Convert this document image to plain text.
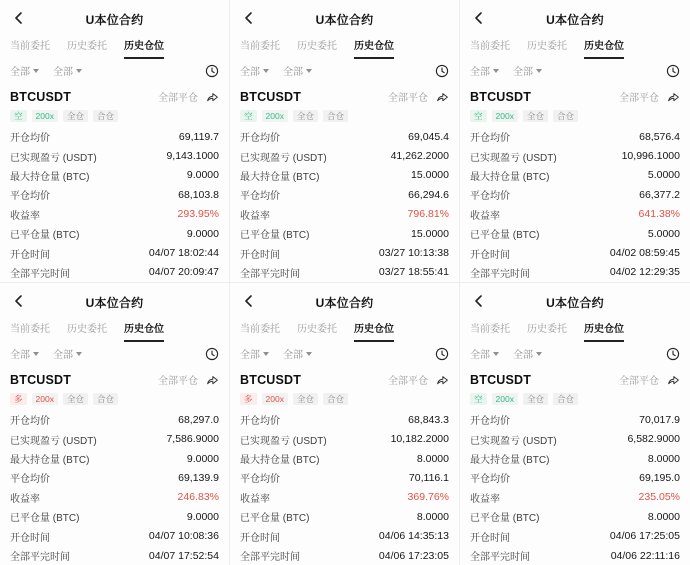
U本位合约
当前委托 历史委托 历史仓位
全部 全部
BTCUSDT	全部平仓
空	200x	全仓	合仓
开仓均价	69,119.7
已实现盈亏 (USDT)	9,143.1000
最大持仓量 (BTC)	9.0000
平仓均价	68,103.8
收益率	293.95%
已平仓量 (BTC)	9.0000
开仓时间	04/07 18:02:44
全部平完时间	04/07 20:09:47
U本位合约
当前委托 历史委托 历史仓位
全部 全部
BTCUSDT	全部平仓
空	200x	全仓	合仓
开仓均价	69,045.4
已实现盈亏 (USDT)	41,262.2000
最大持仓量 (BTC)	15.0000
平仓均价	66,294.6
收益率	796.81%
已平仓量 (BTC)	15.0000
开仓时间	03/27 10:13:38
全部平完时间	03/27 18:55:41
U本位合约
当前委托 历史委托 历史仓位
全部 全部
BTCUSDT	全部平仓
空	200x	全仓	合仓
开仓均价	68,576.4
已实现盈亏 (USDT)	10,996.1000
最大持仓量 (BTC)	5.0000
平仓均价	66,377.2
收益率	641.38%
已平仓量 (BTC)	5.0000
开仓时间	04/02 08:59:45
全部平完时间	04/02 12:29:35
U本位合约
当前委托 历史委托 历史仓位
全部 全部
BTCUSDT	全部平仓
多	200x	全仓	合仓
开仓均价	68,297.0
已实现盈亏 (USDT)	7,586.9000
最大持仓量 (BTC)	9.0000
平仓均价	69,139.9
收益率	246.83%
已平仓量 (BTC)	9.0000
开仓时间	04/07 10:08:36
全部平完时间	04/07 17:52:54
U本位合约
当前委托 历史委托 历史仓位
全部 全部
BTCUSDT	全部平仓
多	200x	全仓	合仓
开仓均价	68,843.3
已实现盈亏 (USDT)	10,182.2000
最大持仓量 (BTC)	8.0000
平仓均价	70,116.1
收益率	369.76%
已平仓量 (BTC)	8.0000
开仓时间	04/06 14:35:13
全部平完时间	04/06 17:23:05
U本位合约
当前委托 历史委托 历史仓位
全部 全部
BTCUSDT	全部平仓
空	200x	全仓	合仓
开仓均价	70,017.9
已实现盈亏 (USDT)	6,582.9000
最大持仓量 (BTC)	8.0000
平仓均价	69,195.0
收益率	235.05%
已平仓量 (BTC)	8.0000
开仓时间	04/06 17:25:05
全部平完时间	04/06 22:11:16
